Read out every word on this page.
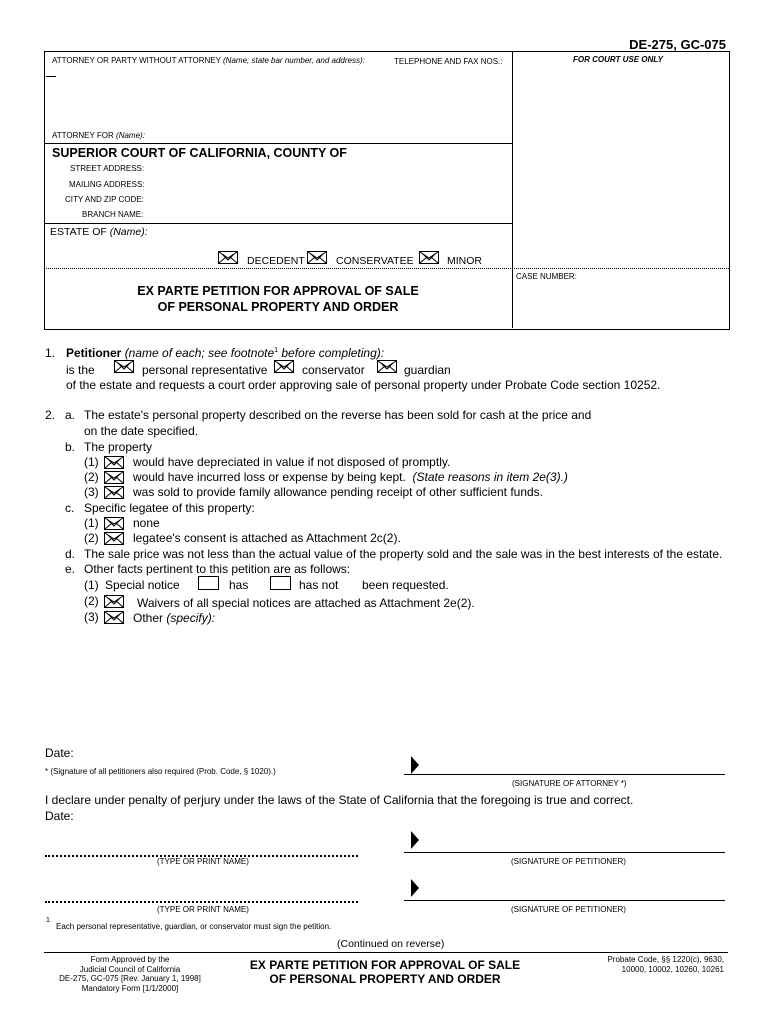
DE-275, GC-075
ATTORNEY OR PARTY WITHOUT ATTORNEY (Name, state bar number, and address):	TELEPHONE AND FAX NOS.:	FOR COURT USE ONLY
ATTORNEY FOR (Name):
SUPERIOR COURT OF CALIFORNIA, COUNTY OF
STREET ADDRESS:
MAILING ADDRESS:
CITY AND ZIP CODE:
BRANCH NAME:
ESTATE OF (Name):
DECEDENT	CONSERVATEE	MINOR
CASE NUMBER:
EX PARTE PETITION FOR APPROVAL OF SALE
OF PERSONAL PROPERTY AND ORDER
1. Petitioner (name of each; see footnote$^1$ before completing):
is the	personal representative	conservator	guardian
of the estate and requests a court order approving sale of personal property under Probate Code section 10252.
2. a. The estate's personal property described on the reverse has been sold for cash at the price and
on the date specified.
b. The property
(1)	would have depreciated in value if not disposed of promptly.
(2)	would have incurred loss or expense by being kept. (State reasons in item 2e(3).)
(3)	was sold to provide family allowance pending receipt of other sufficient funds.
c. Specific legatee of this property:
(1)	none
(2)	legatee's consent is attached as Attachment 2c(2).
d. The sale price was not less than the actual value of the property sold and the sale was in the best interests of the estate.
e. Other facts pertinent to this petition are as follows:
(1) Special notice	has	has not been requested.
(2)	Waivers of all special notices are attached as Attachment 2e(2).
(3)	Other (specify):
Date:
* (Signature of all petitioners also required (Prob. Code, § 1020).)
(SIGNATURE OF ATTORNEY *)
I declare under penalty of perjury under the laws of the State of California that the foregoing is true and correct.
Date:
(TYPE OR PRINT NAME)	(SIGNATURE OF PETITIONER)
(TYPE OR PRINT NAME)	(SIGNATURE OF PETITIONER)
1
Each personal representative, guardian, or conservator must sign the petition.
(Continued on reverse)
Form Approved by the
Judicial Council of California
DE-275, GC-075 [Rev. January 1, 1998]
Mandatory Form [1/1/2000]
EX PARTE PETITION FOR APPROVAL OF SALE
OF PERSONAL PROPERTY AND ORDER
Probate Code, §§ 1220(c), 9630,
10000, 10002, 10260, 10261
